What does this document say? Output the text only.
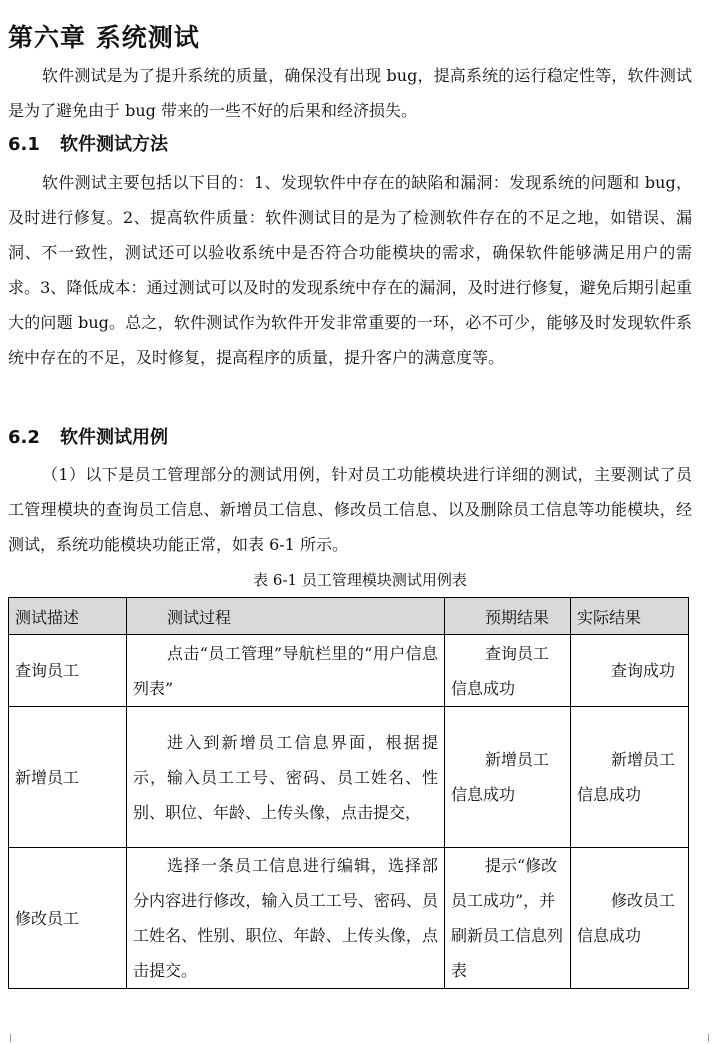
第六章 系统测试

软件测试是为了提升系统的质量，确保没有出现 bug，提高系统的运行稳定性等，软件测试是为了避免由于 bug 带来的一些不好的后果和经济损失。

6.1 软件测试方法

软件测试主要包括以下目的：1、发现软件中存在的缺陷和漏洞：发现系统的问题和 bug，及时进行修复。2、提高软件质量：软件测试目的是为了检测软件存在的不足之地，如错误、漏洞、不一致性，测试还可以验收系统中是否符合功能模块的需求，确保软件能够满足用户的需求。3、降低成本：通过测试可以及时的发现系统中存在的漏洞，及时进行修复，避免后期引起重大的问题 bug。总之，软件测试作为软件开发非常重要的一环，必不可少，能够及时发现软件系统中存在的不足，及时修复，提高程序的质量，提升客户的满意度等。

6.2 软件测试用例

（1）以下是员工管理部分的测试用例，针对员工功能模块进行详细的测试，主要测试了员工管理模块的查询员工信息、新增员工信息、修改员工信息、以及删除员工信息等功能模块，经测试，系统功能模块功能正常，如表 6-1 所示。

表 6-1 员工管理模块测试用例表
测试描述	测试过程	预期结果	实际结果
查询员工	点击“员工管理”导航栏里的“用户信息列表”	查询员工信息成功	查询成功
新增员工	进入到新增员工信息界面，根据提示，输入员工工号、密码、员工姓名、性别、职位、年龄、上传头像，点击提交，	新增员工信息成功	新增员工信息成功
修改员工	选择一条员工信息进行编辑，选择部分内容进行修改，输入员工工号、密码、员工姓名、性别、职位、年龄、上传头像，点击提交。	提示“修改员工成功”，并刷新员工信息列表	修改员工信息成功
